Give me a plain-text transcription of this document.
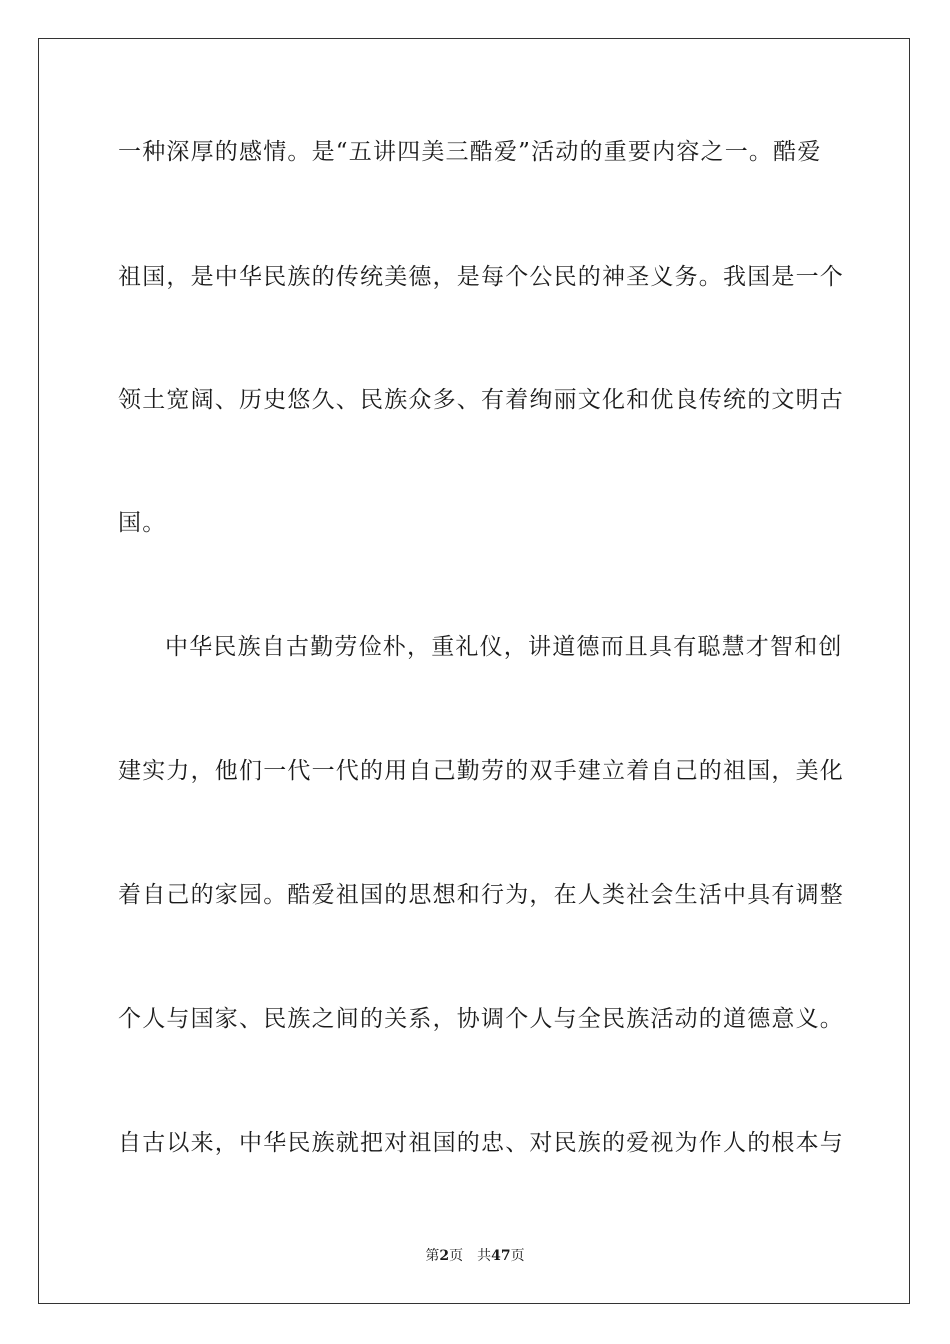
一种深厚的感情。是“五讲四美三酷爱”活动的重要内容之一。酷爱
祖国，是中华民族的传统美德，是每个公民的神圣义务。我国是一个
领土宽阔、历史悠久、民族众多、有着绚丽文化和优良传统的文明古
国。
中华民族自古勤劳俭朴，重礼仪，讲道德而且具有聪慧才智和创
建实力，他们一代一代的用自己勤劳的双手建立着自己的祖国，美化
着自己的家园。酷爱祖国的思想和行为，在人类社会生活中具有调整
个人与国家、民族之间的关系，协调个人与全民族活动的道德意义。
自古以来，中华民族就把对祖国的忠、对民族的爱视为作人的根本与
第2页 共47页
